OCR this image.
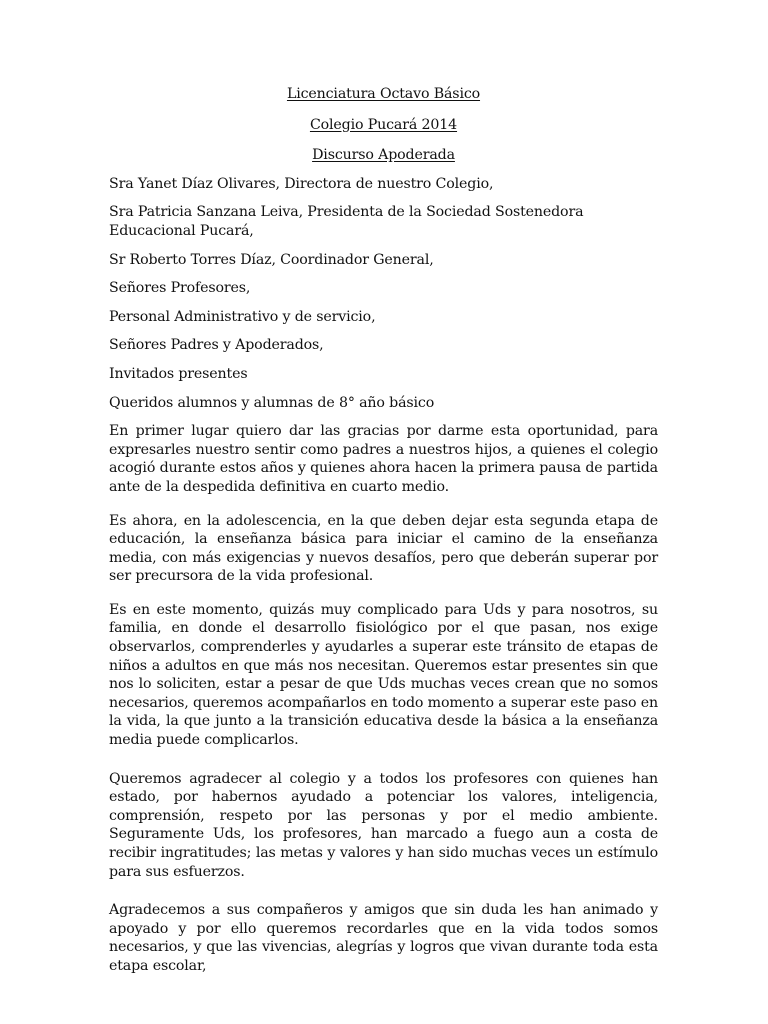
Licenciatura Octavo Básico

Colegio Pucará 2014

Discurso Apoderada

Sra Yanet Díaz Olivares, Directora de nuestro Colegio,

Sra Patricia Sanzana Leiva, Presidenta de la Sociedad Sostenedora Educacional Pucará,

Sr Roberto Torres Díaz, Coordinador General,

Señores Profesores,

Personal Administrativo y de servicio,

Señores Padres y Apoderados,

Invitados presentes

Queridos alumnos y alumnas de 8° año básico

En primer lugar quiero dar las gracias por darme esta oportunidad, para expresarles nuestro sentir como padres a nuestros hijos, a quienes el colegio acogió durante estos años y quienes ahora hacen la primera pausa de partida ante de la despedida definitiva en cuarto medio.

Es ahora, en la adolescencia, en la que deben dejar esta segunda etapa de educación, la enseñanza básica para iniciar el camino de la enseñanza media, con más exigencias y nuevos desafíos, pero que deberán superar por ser precursora de la vida profesional.

Es en este momento, quizás muy complicado para Uds y para nosotros, su familia, en donde el desarrollo fisiológico por el que pasan, nos exige observarlos, comprenderles y ayudarles a superar este tránsito de etapas de niños a adultos en que más nos necesitan. Queremos estar presentes sin que nos lo soliciten, estar a pesar de que Uds muchas veces crean que no somos necesarios, queremos acompañarlos en todo momento a superar este paso en la vida, la que junto a la transición educativa desde la básica a la enseñanza media puede complicarlos.

Queremos agradecer al colegio y a todos los profesores con quienes han estado, por habernos ayudado a potenciar los valores, inteligencia, comprensión, respeto por las personas y por el medio ambiente. Seguramente Uds, los profesores, han marcado a fuego aun a costa de recibir ingratitudes; las metas y valores y han sido muchas veces un estímulo para sus esfuerzos.

Agradecemos a sus compañeros y amigos que sin duda les han animado y apoyado y por ello queremos recordarles que en la vida todos somos necesarios, y que las vivencias, alegrías y logros que vivan durante toda esta etapa escolar,
